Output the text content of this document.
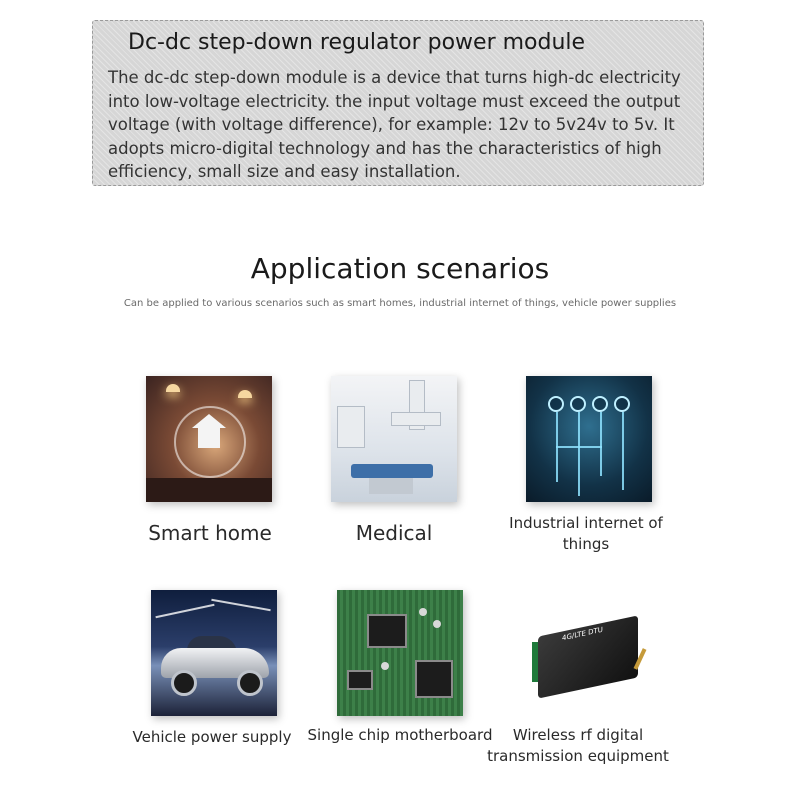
Dc-dc step-down regulator power module
The dc-dc step-down module is a device that turns high-dc electricity into low-voltage electricity. the input voltage must exceed the output voltage (with voltage difference), for example: 12v to 5v24v to 5v. It adopts micro-digital technology and has the characteristics of high efficiency, small size and easy installation.
Application scenarios
Can be applied to various scenarios such as smart homes, industrial internet of things, vehicle power supplies
Smart home	Medical	Industrial internet of things
Vehicle power supply	Single chip motherboard
4G/LTE DTU
Wireless rf digital transmission equipment
